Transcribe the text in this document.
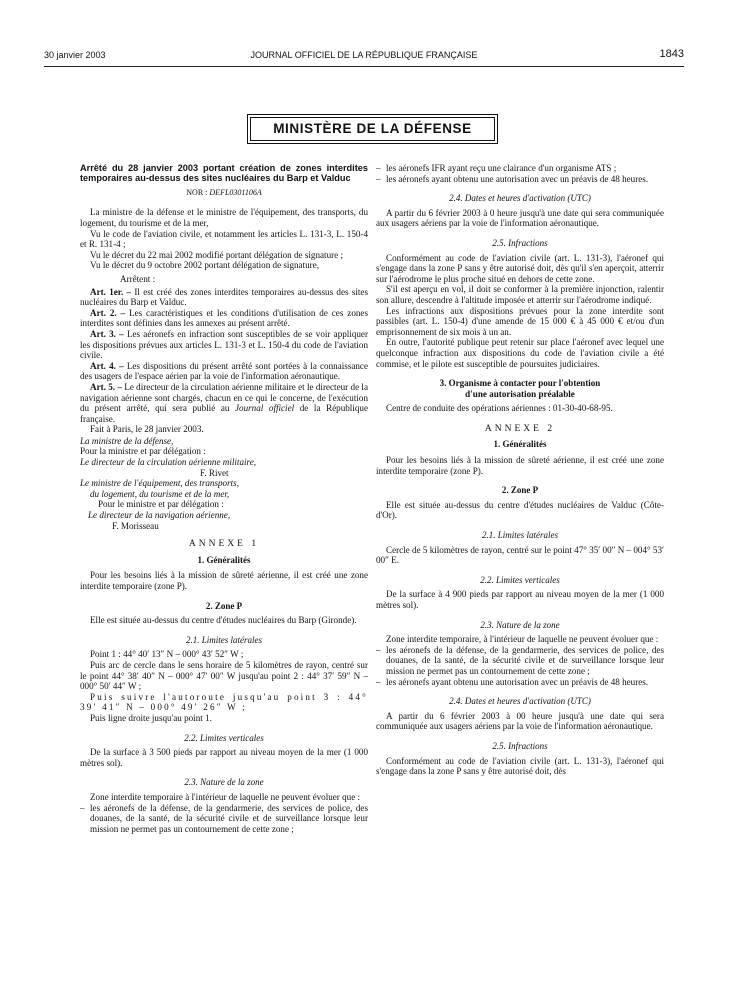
30 janvier 2003	JOURNAL OFFICIEL DE LA RÉPUBLIQUE FRANÇAISE	1843
MINISTÈRE DE LA DÉFENSE
Arrêté du 28 janvier 2003 portant création de zones interdites temporaires au-dessus des sites nucléaires du Barp et Valduc
NOR : DEFL0301106A

La ministre de la défense et le ministre de l'équipement, des transports, du logement, du tourisme et de la mer,

Vu le code de l'aviation civile, et notamment les articles L. 131-3, L. 150-4 et R. 131-4 ;

Vu le décret du 22 mai 2002 modifié portant délégation de signature ;

Vu le décret du 9 octobre 2002 portant délégation de signature,

Arrêtent :

Art. 1er. – Il est créé des zones interdites temporaires au-dessus des sites nucléaires du Barp et Valduc.

Art. 2. – Les caractéristiques et les conditions d'utilisation de ces zones interdites sont définies dans les annexes au présent arrêté.

Art. 3. – Les aéronefs en infraction sont susceptibles de se voir appliquer les dispositions prévues aux articles L. 131-3 et L. 150-4 du code de l'aviation civile.

Art. 4. – Les dispositions du présent arrêté sont portées à la connaissance des usagers de l'espace aérien par la voie de l'information aéronautique.

Art. 5. – Le directeur de la circulation aérienne militaire et le directeur de la navigation aérienne sont chargés, chacun en ce qui le concerne, de l'exécution du présent arrêté, qui sera publié au Journal officiel de la République française.

Fait à Paris, le 28 janvier 2003.

La ministre de la défense,

Pour la ministre et par délégation :

Le directeur de la circulation aérienne militaire,

F. Rivet

Le ministre de l'équipement, des transports,

du logement, du tourisme et de la mer,

Pour le ministre et par délégation :

Le directeur de la navigation aérienne,

F. Morisseau

ANNEXE 1
1. Généralités

Pour les besoins liés à la mission de sûreté aérienne, il est créé une zone interdite temporaire (zone P).

2. Zone P

Elle est située au-dessus du centre d'études nucléaires du Barp (Gironde).

2.1. Limites latérales

Point 1 : 44° 40′ 13″ N – 000° 43′ 52″ W ;

Puis arc de cercle dans le sens horaire de 5 kilomètres de rayon, centré sur le point 44° 38′ 40″ N – 000° 47′ 00″ W jusqu'au point 2 : 44° 37′ 59″ N – 000° 50′ 44″ W ;

Puis suivre l'autoroute jusqu'au point 3 : 44° 39′ 41″ N – 000° 49′ 26″ W ;

Puis ligne droite jusqu'au point 1.

2.2. Limites verticales

De la surface à 3 500 pieds par rapport au niveau moyen de la mer (1 000 mètres sol).

2.3. Nature de la zone

Zone interdite temporaire à l'intérieur de laquelle ne peuvent évoluer que :

– les aéronefs de la défense, de la gendarmerie, des services de police, des douanes, de la santé, de la sécurité civile et de surveillance lorsque leur mission ne permet pas un contournement de cette zone ;
– les aéronefs IFR ayant reçu une clairance d'un organisme ATS ;
– les aéronefs ayant obtenu une autorisation avec un préavis de 48 heures.
2.4. Dates et heures d'activation (UTC)

A partir du 6 février 2003 à 0 heure jusqu'à une date qui sera communiquée aux usagers aériens par la voie de l'information aéronautique.

2.5. Infractions

Conformément au code de l'aviation civile (art. L. 131-3), l'aéronef qui s'engage dans la zone P sans y être autorisé doit, dès qu'il s'en aperçoit, atterrir sur l'aérodrome le plus proche situé en dehors de cette zone.

S'il est aperçu en vol, il doit se conformer à la première injonction, ralentir son allure, descendre à l'altitude imposée et atterrir sur l'aérodrome indiqué.

Les infractions aux dispositions prévues pour la zone interdite sont passibles (art. L. 150-4) d'une amende de 15 000 € à 45 000 € et/ou d'un emprisonnement de six mois à un an.

En outre, l'autorité publique peut retenir sur place l'aéronef avec lequel une quelconque infraction aux dispositions du code de l'aviation civile a été commise, et le pilote est susceptible de poursuites judiciaires.

3. Organisme à contacter pour l'obtention
d'une autorisation préalable

Centre de conduite des opérations aériennes : 01-30-40-68-95.

ANNEXE 2
1. Généralités

Pour les besoins liés à la mission de sûreté aérienne, il est créé une zone interdite temporaire (zone P).

2. Zone P

Elle est située au-dessus du centre d'études nucléaires de Valduc (Côte-d'Or).

2.1. Limites latérales

Cercle de 5 kilomètres de rayon, centré sur le point 47° 35′ 00″ N – 004° 53′ 00″ E.

2.2. Limites verticales

De la surface à 4 900 pieds par rapport au niveau moyen de la mer (1 000 mètres sol).

2.3. Nature de la zone

Zone interdite temporaire, à l'intérieur de laquelle ne peuvent évoluer que :

– les aéronefs de la défense, de la gendarmerie, des services de police, des douanes, de la santé, de la sécurité civile et de surveillance lorsque leur mission ne permet pas un contournement de cette zone ;
– les aéronefs ayant obtenu une autorisation avec un préavis de 48 heures.
2.4. Dates et heures d'activation (UTC)

A partir du 6 février 2003 à 00 heure jusqu'à une date qui sera communiquée aux usagers aériens par la voie de l'information aéronautique.

2.5. Infractions

Conformément au code de l'aviation civile (art. L. 131-3), l'aéronef qui s'engage dans la zone P sans y être autorisé doit, dès
